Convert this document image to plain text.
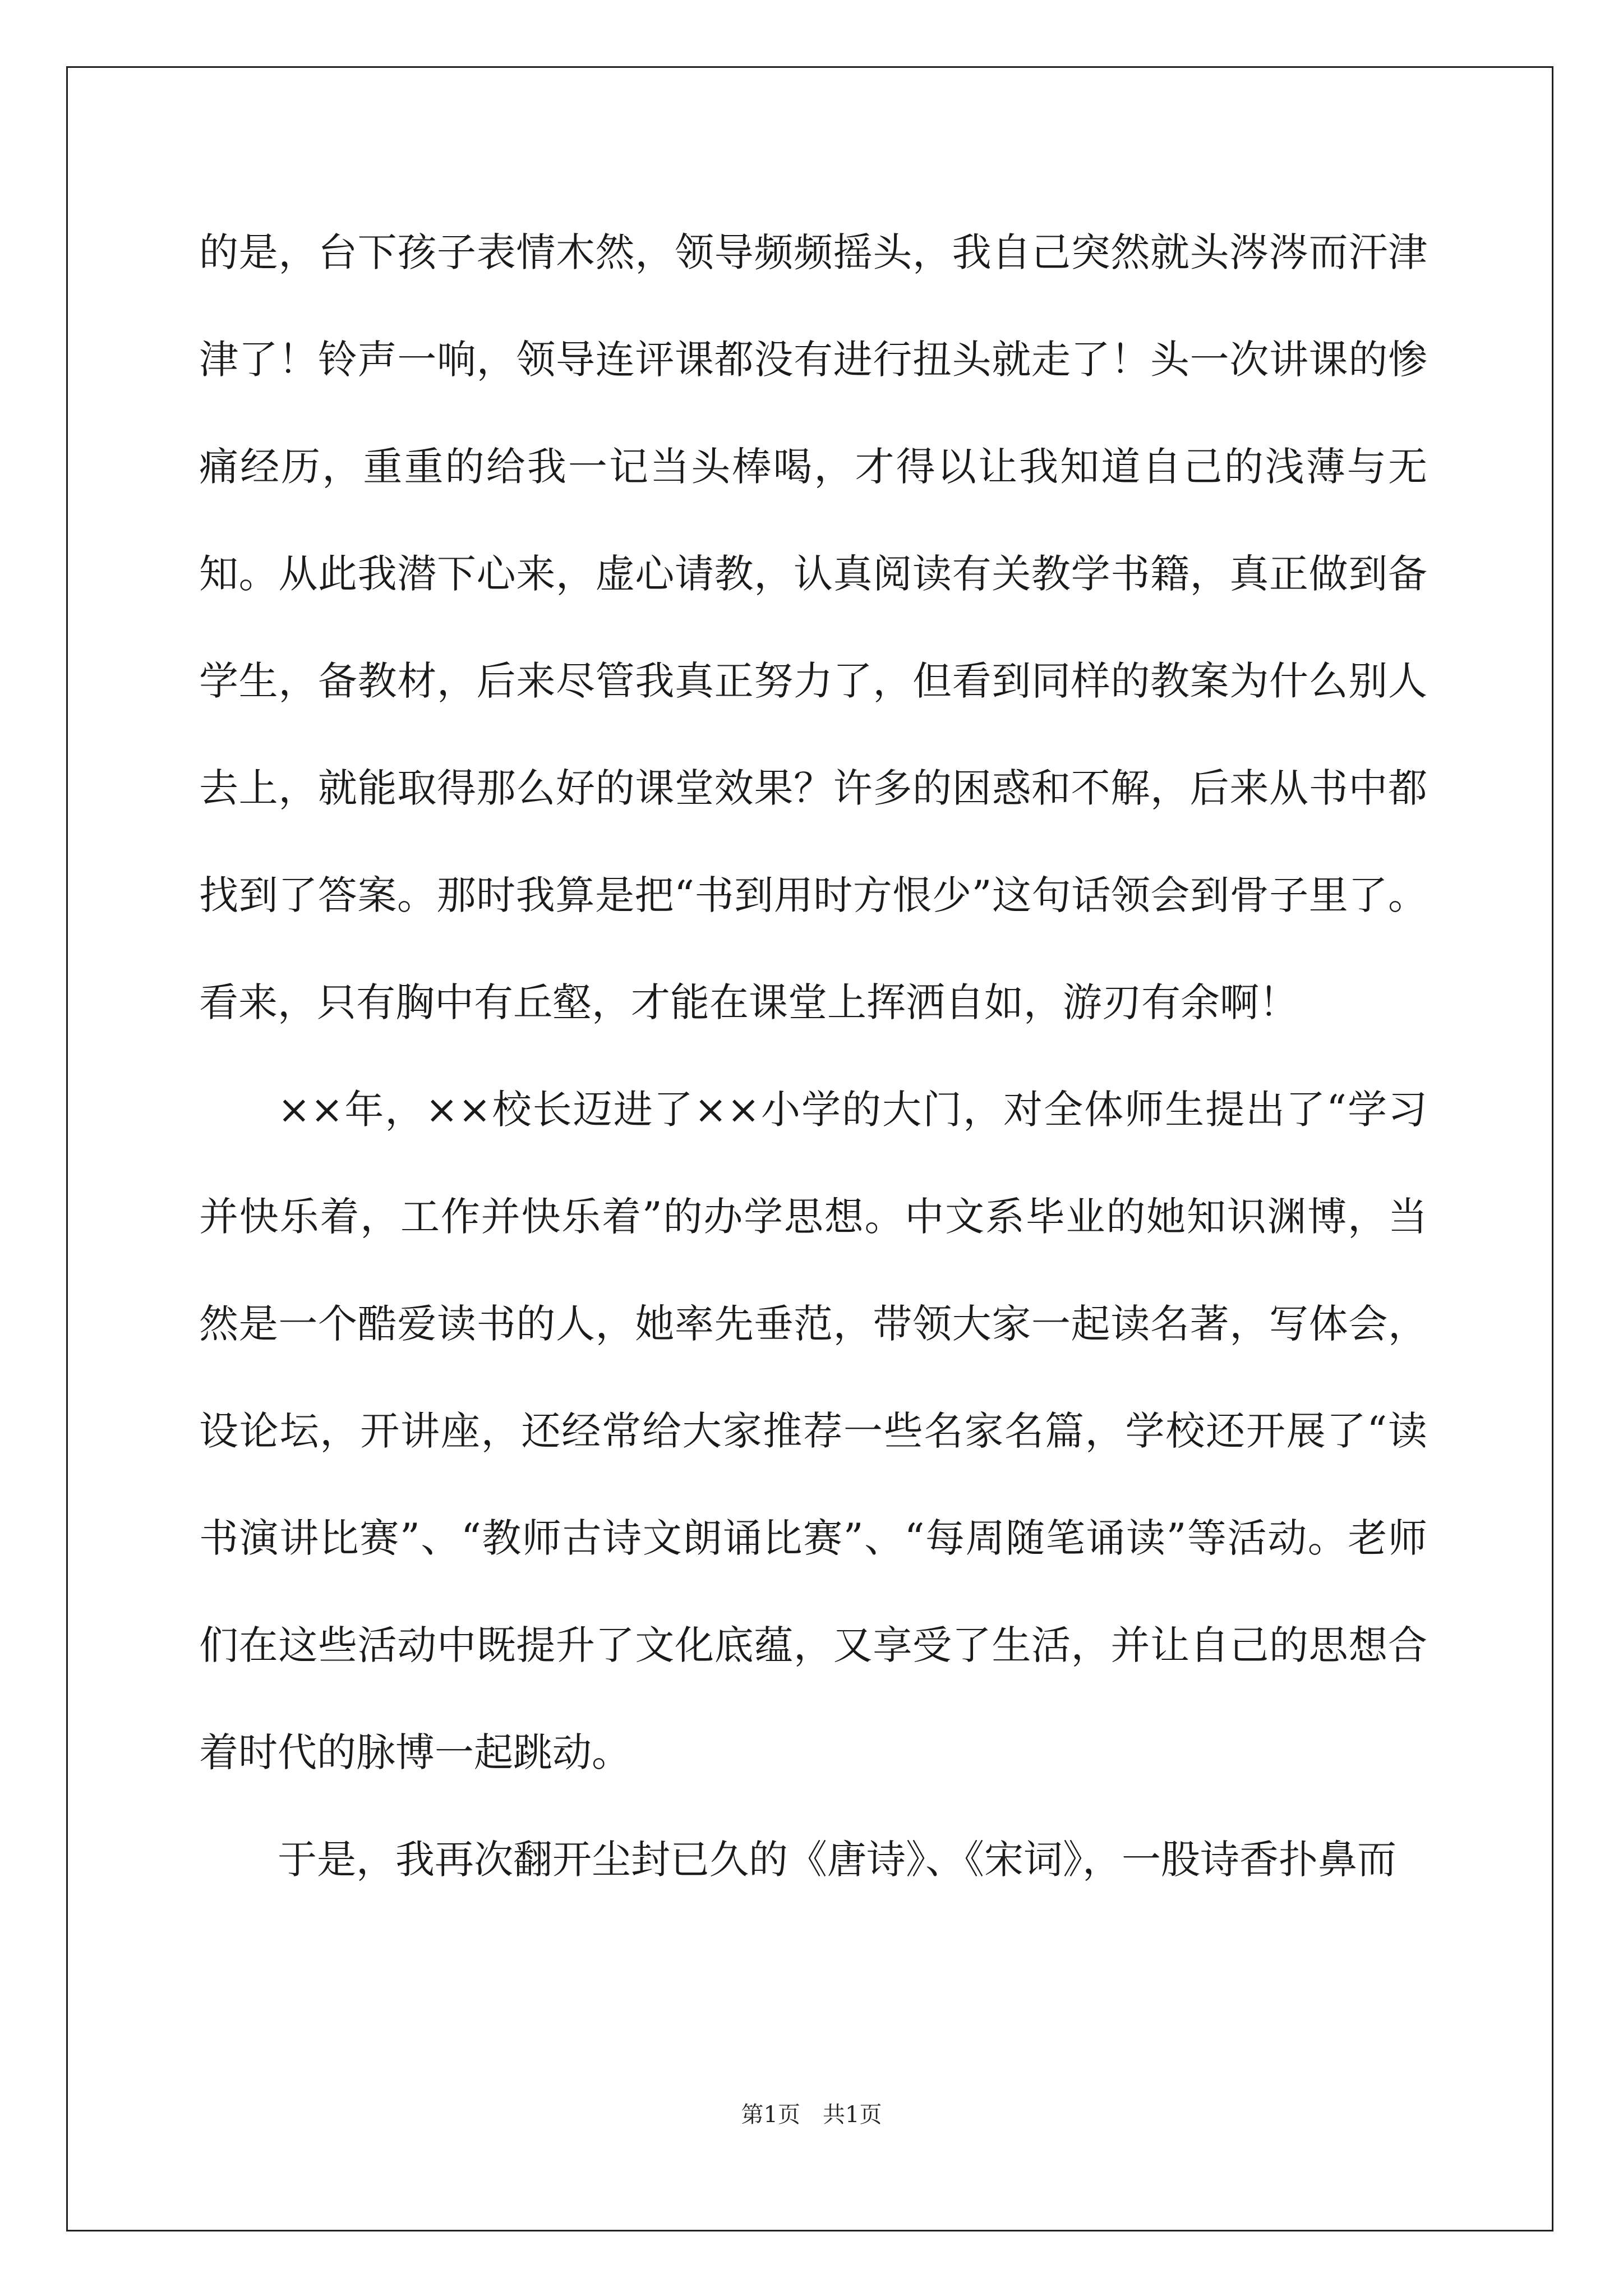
的是，台下孩子表情木然，领导频频摇头，我自己突然就头涔涔而汗津津了！铃声一响，领导连评课都没有进行扭头就走了！头一次讲课的惨痛经历，重重的给我一记当头棒喝，才得以让我知道自己的浅薄与无知。从此我潜下心来，虚心请教，认真阅读有关教学书籍，真正做到备学生，备教材，后来尽管我真正努力了，但看到同样的教案为什么别人去上，就能取得那么好的课堂效果？许多的困惑和不解，后来从书中都找到了答案。那时我算是把“书到用时方恨少”这句话领会到骨子里了。看来，只有胸中有丘壑，才能在课堂上挥洒自如，游刃有余啊！

××年，××校长迈进了××小学的大门，对全体师生提出了“学习并快乐着，工作并快乐着”的办学思想。中文系毕业的她知识渊博，当然是一个酷爱读书的人，她率先垂范，带领大家一起读名著，写体会，设论坛，开讲座，还经常给大家推荐一些名家名篇，学校还开展了“读书演讲比赛”、“教师古诗文朗诵比赛”、“每周随笔诵读”等活动。老师们在这些活动中既提升了文化底蕴，又享受了生活，并让自己的思想合着时代的脉博一起跳动。

于是，我再次翻开尘封已久的《唐诗》、《宋词》，一股诗香扑鼻而

第1页　共1页
